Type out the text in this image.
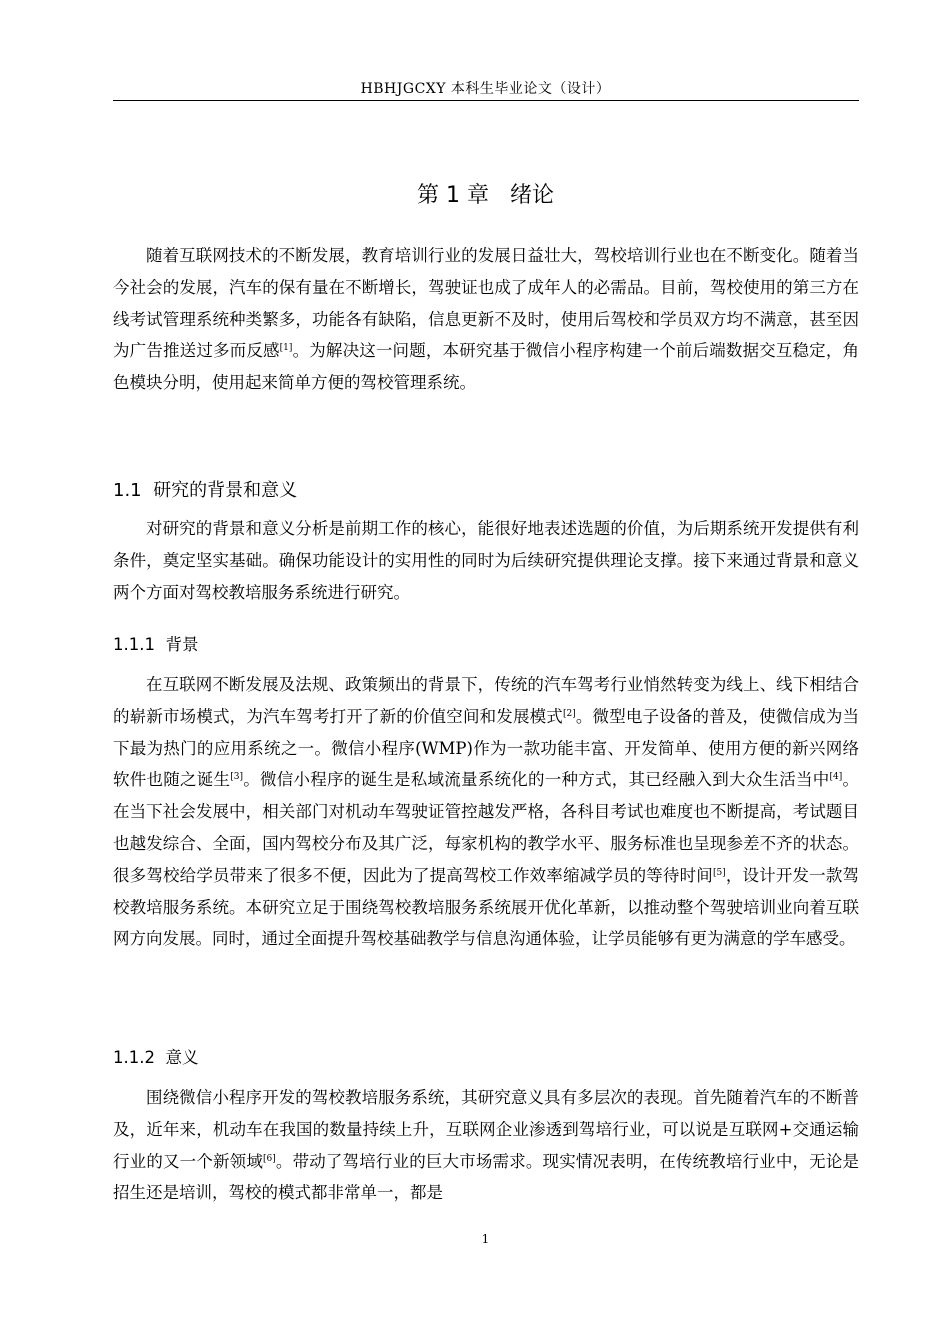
HBHJGCXY 本科生毕业论文（设计）
第 1 章   绪论

随着互联网技术的不断发展，教育培训行业的发展日益壮大，驾校培训行业也在不断变化。随着当今社会的发展，汽车的保有量在不断增长，驾驶证也成了成年人的必需品。目前，驾校使用的第三方在线考试管理系统种类繁多，功能各有缺陷，信息更新不及时，使用后驾校和学员双方均不满意，甚至因为广告推送过多而反感[1]。为解决这一问题，本研究基于微信小程序构建一个前后端数据交互稳定，角色模块分明，使用起来简单方便的驾校管理系统。

1.1  研究的背景和意义

对研究的背景和意义分析是前期工作的核心，能很好地表述选题的价值，为后期系统开发提供有利条件，奠定坚实基础。确保功能设计的实用性的同时为后续研究提供理论支撑。接下来通过背景和意义两个方面对驾校教培服务系统进行研究。

1.1.1  背景

在互联网不断发展及法规、政策频出的背景下，传统的汽车驾考行业悄然转变为线上、线下相结合的崭新市场模式，为汽车驾考打开了新的价值空间和发展模式[2]。微型电子设备的普及，使微信成为当下最为热门的应用系统之一。微信小程序(WMP)作为一款功能丰富、开发简单、使用方便的新兴网络软件也随之诞生[3]。微信小程序的诞生是私域流量系统化的一种方式，其已经融入到大众生活当中[4]。在当下社会发展中，相关部门对机动车驾驶证管控越发严格，各科目考试也难度也不断提高，考试题目也越发综合、全面，国内驾校分布及其广泛，每家机构的教学水平、服务标准也呈现参差不齐的状态。很多驾校给学员带来了很多不便，因此为了提高驾校工作效率缩减学员的等待时间[5]，设计开发一款驾校教培服务系统。本研究立足于围绕驾校教培服务系统展开优化革新，以推动整个驾驶培训业向着互联网方向发展。同时，通过全面提升驾校基础教学与信息沟通体验，让学员能够有更为满意的学车感受。

1.1.2  意义

围绕微信小程序开发的驾校教培服务系统，其研究意义具有多层次的表现。首先随着汽车的不断普及，近年来，机动车在我国的数量持续上升，互联网企业渗透到驾培行业，可以说是互联网+交通运输行业的又一个新领域[6]。带动了驾培行业的巨大市场需求。现实情况表明，在传统教培行业中，无论是招生还是培训，驾校的模式都非常单一，都是

1
